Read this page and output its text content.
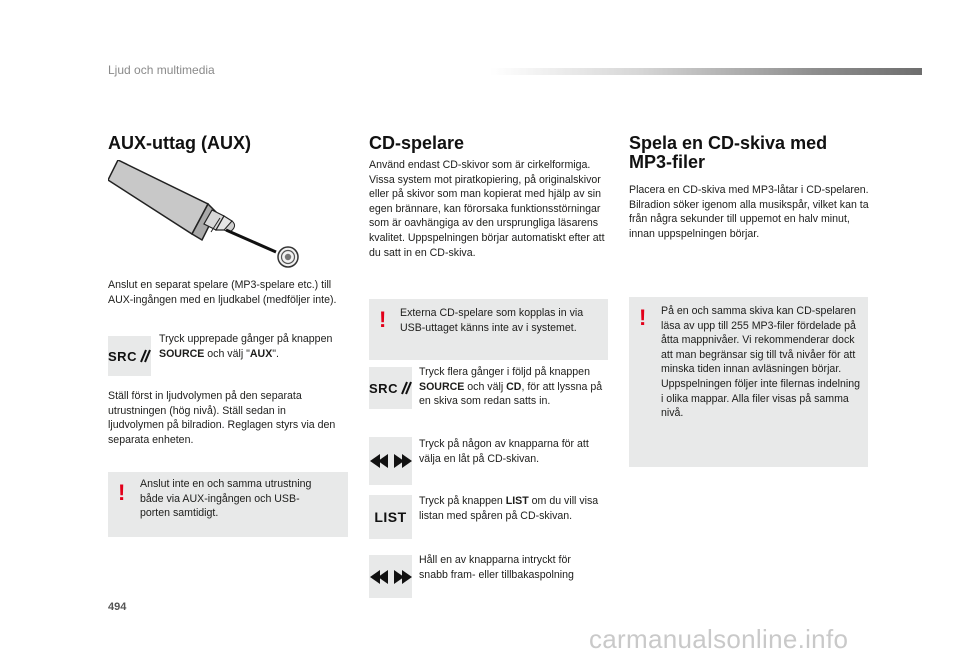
Ljud och multimedia
AUX-uttag (AUX)
Anslut en separat spelare (MP3-spelare etc.) till AUX-ingången med en ljudkabel (medföljer inte).
SRC
Tryck upprepade gånger på knappen SOURCE och välj "AUX".
Ställ först in ljudvolymen på den separata utrustningen (hög nivå). Ställ sedan in ljudvolymen på bilradion. Reglagen styrs via den separata enheten.
! Anslut inte en och samma utrustning både via AUX-ingången och USB-porten samtidigt.
CD-spelare
Använd endast CD-skivor som är cirkelformiga. Vissa system mot piratkopiering, på originalskivor eller på skivor som man kopierat med hjälp av sin egen brännare, kan förorsaka funktionsstörningar som är oavhängiga av den ursprungliga läsarens kvalitet. Uppspelningen börjar automatiskt efter att du satt in en CD-skiva.
! Externa CD-spelare som kopplas in via USB-uttaget känns inte av i systemet.
SRC
Tryck flera gånger i följd på knappen SOURCE och välj CD, för att lyssna på en skiva som redan satts in.
Tryck på någon av knapparna för att välja en låt på CD-skivan.
LIST
Tryck på knappen LIST om du vill visa listan med spåren på CD-skivan.
Håll en av knapparna intryckt för snabb fram- eller tillbakaspolning
Spela en CD-skiva med MP3-filer
Placera en CD-skiva med MP3-låtar i CD-spelaren. Bilradion söker igenom alla musikspår, vilket kan ta från några sekunder till uppemot en halv minut, innan uppspelningen börjar.
! På en och samma skiva kan CD-spelaren läsa av upp till 255 MP3-filer fördelade på åtta mappnivåer. Vi rekommenderar dock att man begränsar sig till två nivåer för att minska tiden innan avläsningen börjar. Uppspelningen följer inte filernas indelning i olika mappar. Alla filer visas på samma nivå.
494
carmanualsonline.info
